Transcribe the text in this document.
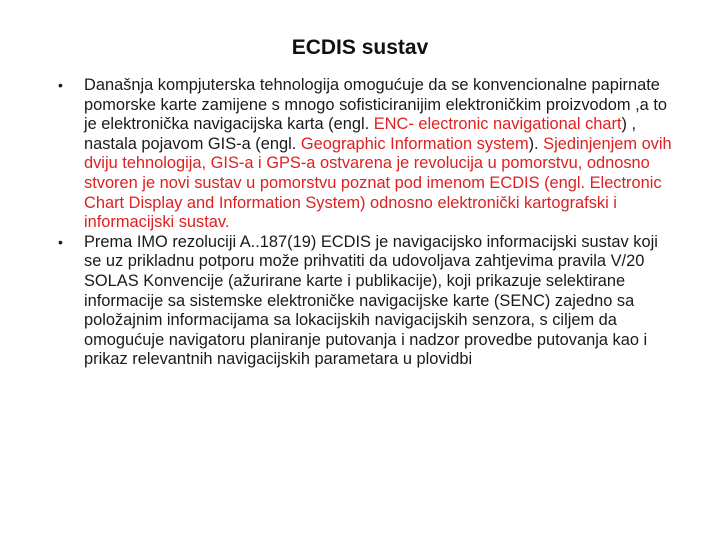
ECDIS sustav
• Današnja kompjuterska tehnologija omogućuje da se konvencionalne papirnate pomorske karte zamijene s mnogo sofisticiranijim elektroničkim proizvodom ,a to je elektronička navigacijska karta (engl. ENC- electronic navigational chart) , nastala pojavom GIS-a (engl. Geographic Information system). Sjedinjenjem ovih dviju tehnologija, GIS-a i GPS-a ostvarena je revolucija u pomorstvu, odnosno stvoren je novi sustav u pomorstvu poznat pod imenom ECDIS (engl. Electronic Chart Display and Information System) odnosno elektronički kartografski i informacijski sustav.
• Prema IMO rezoluciji A..187(19) ECDIS je navigacijsko informacijski sustav koji se uz prikladnu potporu može prihvatiti da udovoljava zahtjevima pravila V/20 SOLAS Konvencije (ažurirane karte i publikacije), koji prikazuje selektirane informacije sa sistemske elektroničke navigacijske karte (SENC) zajedno sa položajnim informacijama sa lokacijskih navigacijskih senzora, s ciljem da omogućuje navigatoru planiranje putovanja i nadzor provedbe putovanja kao i prikaz relevantnih navigacijskih parametara u plovidbi
